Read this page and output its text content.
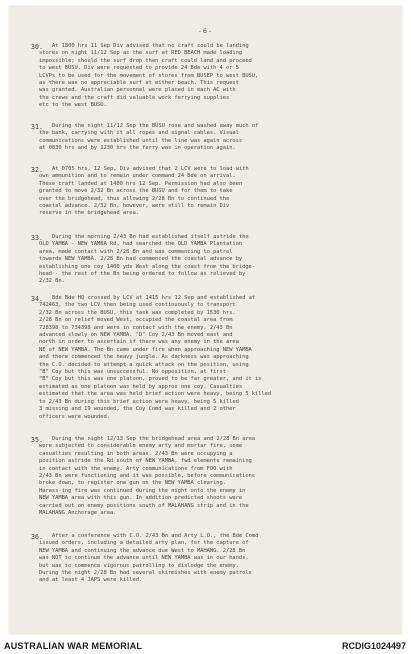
-6-
30.	At 1800 hrs 11 Sep Div advised that no craft could be landing
stores on night 11/12 Sep as the surf at RED BEACH made loading
impossible; should the surf drop then craft could land and proceed
to west BUSU. Div were requested to provide 24 Bde with 4 or 5
LCVPs to be used for the movement of stores from BUSEP to west BUSU,
as there was no appreciable surf at either beach. This request
was granted. Australian personnel were placed in each AC with
the crews and the craft did valuable work ferrying supplies
etc to the west BUSU.
31.	During the night 11/12 Sep the BUSU rose and washed away much of
the bank, carrying with it all ropes and signal cables. Visual
communications were established until the line was again across
at 0830 hrs and by 1230 hrs the ferry was in operation again.
32.	At 0705 hrs, 12 Sep, Div advised that 2 LCV were to load with
own ammunition and to remain under command 24 Bde on arrival.
These craft landed at 1400 hrs 12 Sep. Permission had also been
granted to move 2/32 Bn across the BUSU and for them to take
over the bridgehead, thus allowing 2/28 Bn to continued the
coastal advance. 2/32 Bn, however, were still to remain Div
reserve in the bridgehead area.
33.	During the morning 2/43 Bn had established itself astride the
OLD YAMBA - NEW YAMBA Rd, had searched the OLD YAMBA Plantation
area, made contact with 2/28 Bn and was commencing to patrol
towards NEW YAMBA. 2/28 Bn had commenced the coastal advance by
establishing one coy 1400 yds West along the coast from the bridge-
head - the rest of the Bn being ordered to follow as relieved by
2/32 Bn.
34.	Bde Bde HQ crossed by LCV at 1415 hrs 12 Sep and established at
742463, the two LCV then being used continuously to transport
2/32 Bn across the BUSU, this task was completed by 1530 hrs.
2/28 Bn on relief moved West, occupied the coastal area from
728398 to 734398 and were in contact with the enemy. 2/43 Bn
advanced slowly on NEW YAMBA. "D" Coy 2/43 Bn moved east and
north in order to ascertain if there was any enemy in the area
NE of NEW YAMBA. The Bn came under fire when approaching NEW YAMBA
and there commenced the heavy jungle. As darkness was approaching
the C.O. decided to attempt a quick attack on the position, using
"B" Coy but this was unsuccessful. No opposition, at first
"B" Coy but this was one platoon, proved to be far greater, and it is
estimated as one platoon was held by approx one coy. Casualties
estimated that the area was held brief action were heavy, being 5 killed
to 2/43 Bn during this brief action were heavy, being 5 killed
3 missing and 19 wounded, the Coy Comd was killed and 2 other
officers were wounded.
35.	During the night 12/13 Sep the bridgehead area and 2/28 Bn area
were subjected to considerable enemy arty and mortar fire, some
casualties resulting in both areas. 2/43 Bn were occupying a
position astride the Rd south of NEW YAMBA, fwd elements remaining
in contact with the enemy. Arty communications from FOO with
2/43 Bn were functioning and it was possible, before communications
broke down, to register one gun on the NEW YAMBA clearing.
Harass-ing fire was continued during the night onto the enemy in
NEW YAMBA area with this gun. In addition predicted shoots were
carried out on enemy positions south of MALAHANG strip and in the
MALAHANG Anchorage area.
36.	After a conference with C.O. 2/43 Bn and Arty L.O., the Bde Comd
issued orders, including a detailed arty plan, for the capture of
NEW YAMBA and continuing the advance due West to MAHANG. 2/28 Bn
was NOT to continue the advance until NEW YAMBA was in our hands,
but was to commence vigorous patrolling to dislodge the enemy.
During the night 2/28 Bn had several skirmishes with enemy patrols
and at least 4 JAPS were killed.
AUSTRALIAN WAR MEMORIAL	RCDIG1024497
